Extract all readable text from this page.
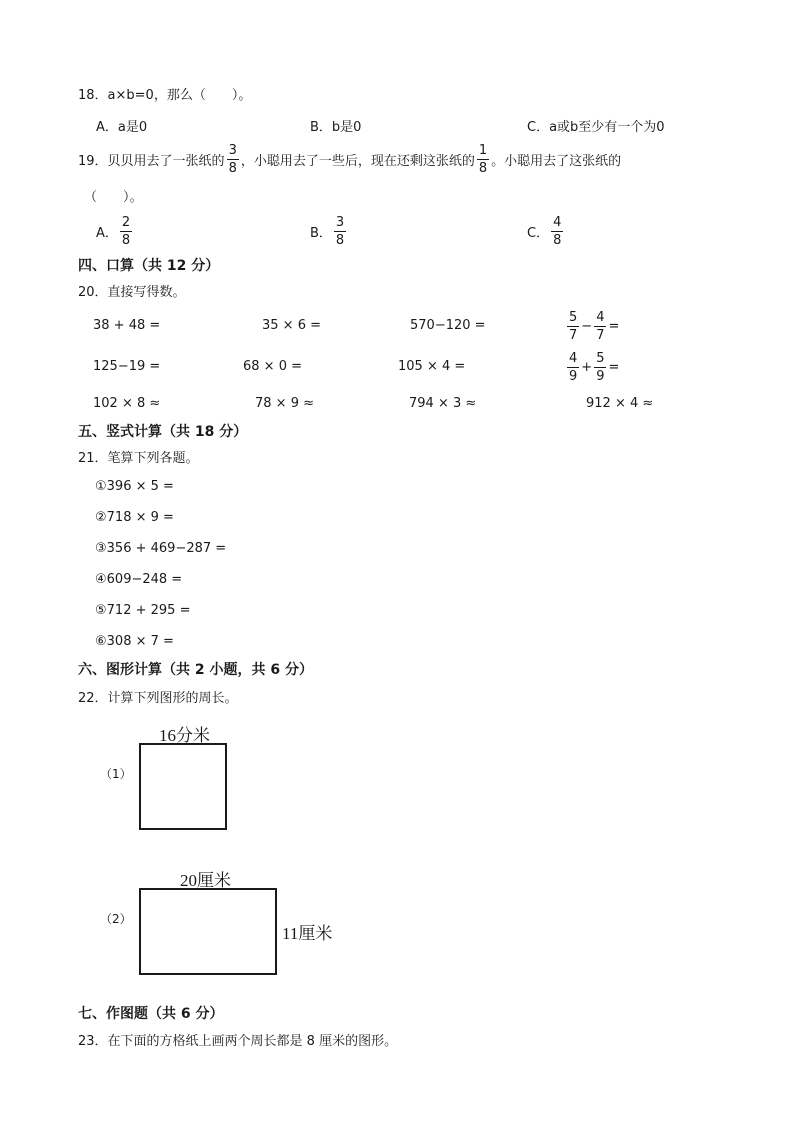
18．a×b=0，那么（　　）。
A．a是0	B．b是0	C．a或b至少有一个为0
19． 贝贝用去了一张纸的 $\frac{3}{8}$ ，小聪用去了一些后，现在还剩这张纸的 $\frac{1}{8}$ 。小聪用去了这张纸的
（　　）。
A． $\frac{2}{8}$	B． $\frac{3}{8}$	C． $\frac{4}{8}$
四、口算（共 12 分）
20．直接写得数。
38 + 48 =	35 × 6 =	570−120 =	$\frac{5}{7} - \frac{4}{7}$ =
125−19 =	68 × 0 =	105 × 4 =	$\frac{4}{9} + \frac{5}{9}$ =
102 × 8 ≈	78 × 9 ≈	794 × 3 ≈	912 × 4 ≈
五、竖式计算（共 18 分）
21．笔算下列各题。
①396 × 5 =
②718 × 9 =
③356 + 469−287 =
④609−248 =
⑤712 + 295 =
⑥308 × 7 =
六、图形计算（共 2 小题，共 6 分）
22．计算下列图形的周长。
16分米
（1）
20厘米
（2）
11厘米
七、作图题（共 6 分）
23．在下面的方格纸上画两个周长都是 8 厘米的图形。
